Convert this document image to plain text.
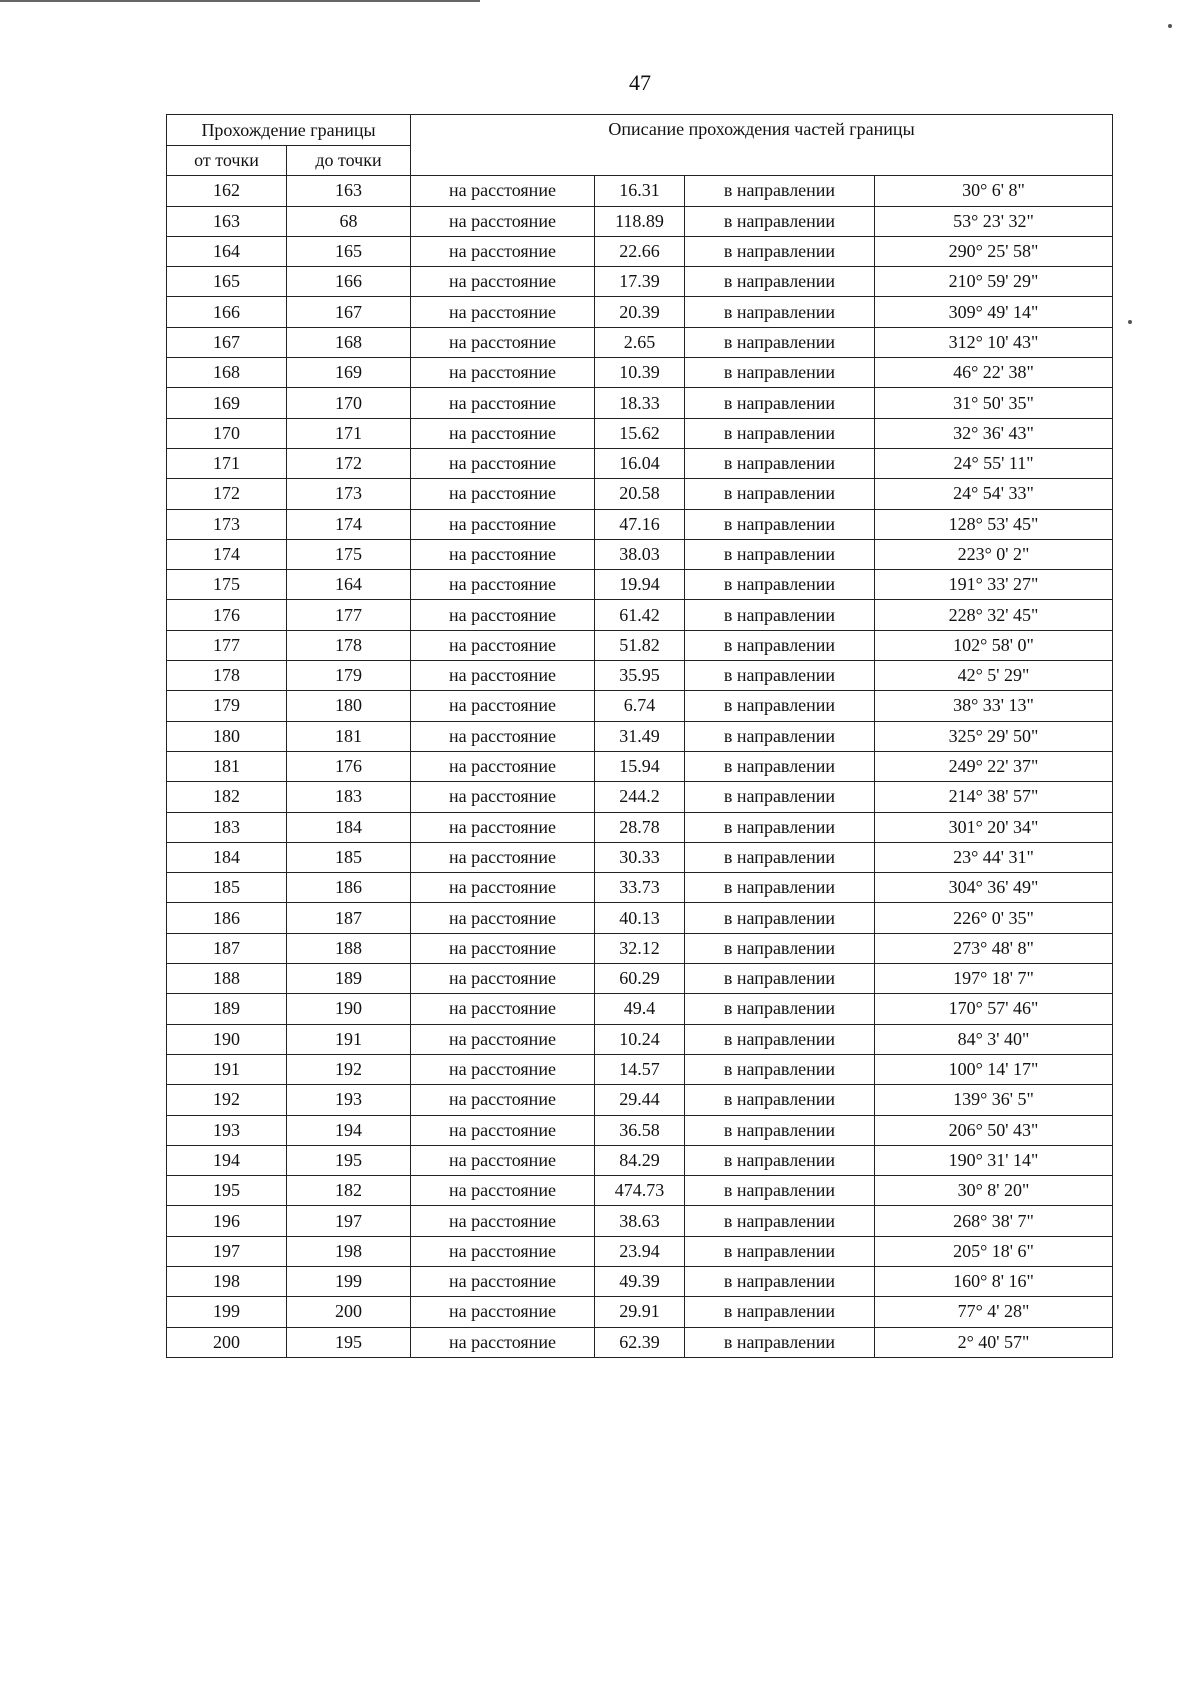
47
Прохождение границы		Описание прохождения частей границы			
от точки	до точки				
162	163	на расстояние	16.31	в направлении	30° 6' 8"
163	68	на расстояние	118.89	в направлении	53° 23' 32"
164	165	на расстояние	22.66	в направлении	290° 25' 58"
165	166	на расстояние	17.39	в направлении	210° 59' 29"
166	167	на расстояние	20.39	в направлении	309° 49' 14"
167	168	на расстояние	2.65	в направлении	312° 10' 43"
168	169	на расстояние	10.39	в направлении	46° 22' 38"
169	170	на расстояние	18.33	в направлении	31° 50' 35"
170	171	на расстояние	15.62	в направлении	32° 36' 43"
171	172	на расстояние	16.04	в направлении	24° 55' 11"
172	173	на расстояние	20.58	в направлении	24° 54' 33"
173	174	на расстояние	47.16	в направлении	128° 53' 45"
174	175	на расстояние	38.03	в направлении	223° 0' 2"
175	164	на расстояние	19.94	в направлении	191° 33' 27"
176	177	на расстояние	61.42	в направлении	228° 32' 45"
177	178	на расстояние	51.82	в направлении	102° 58' 0"
178	179	на расстояние	35.95	в направлении	42° 5' 29"
179	180	на расстояние	6.74	в направлении	38° 33' 13"
180	181	на расстояние	31.49	в направлении	325° 29' 50"
181	176	на расстояние	15.94	в направлении	249° 22' 37"
182	183	на расстояние	244.2	в направлении	214° 38' 57"
183	184	на расстояние	28.78	в направлении	301° 20' 34"
184	185	на расстояние	30.33	в направлении	23° 44' 31"
185	186	на расстояние	33.73	в направлении	304° 36' 49"
186	187	на расстояние	40.13	в направлении	226° 0' 35"
187	188	на расстояние	32.12	в направлении	273° 48' 8"
188	189	на расстояние	60.29	в направлении	197° 18' 7"
189	190	на расстояние	49.4	в направлении	170° 57' 46"
190	191	на расстояние	10.24	в направлении	84° 3' 40"
191	192	на расстояние	14.57	в направлении	100° 14' 17"
192	193	на расстояние	29.44	в направлении	139° 36' 5"
193	194	на расстояние	36.58	в направлении	206° 50' 43"
194	195	на расстояние	84.29	в направлении	190° 31' 14"
195	182	на расстояние	474.73	в направлении	30° 8' 20"
196	197	на расстояние	38.63	в направлении	268° 38' 7"
197	198	на расстояние	23.94	в направлении	205° 18' 6"
198	199	на расстояние	49.39	в направлении	160° 8' 16"
199	200	на расстояние	29.91	в направлении	77° 4' 28"
200	195	на расстояние	62.39	в направлении	2° 40' 57"
